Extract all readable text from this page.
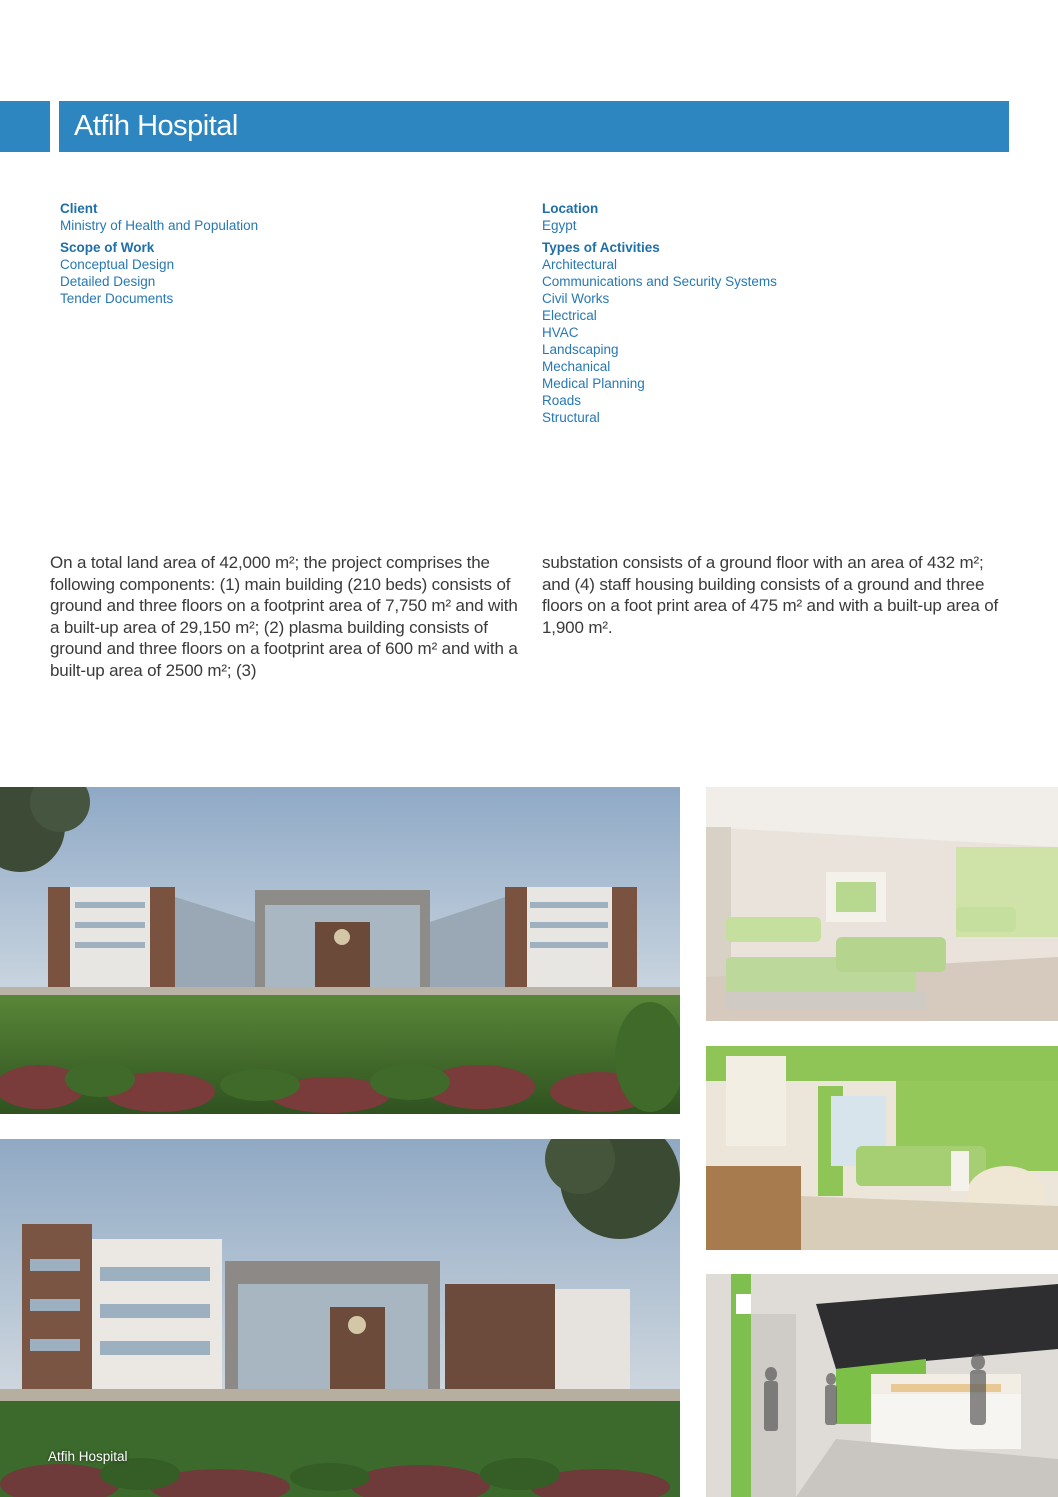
Atfih Hospital
Client
Ministry of Health and Population
Scope of Work
Conceptual Design
Detailed Design
Tender Documents
Location
Egypt
Types of Activities
Architectural
Communications and Security Systems
Civil Works
Electrical
HVAC
Landscaping
Mechanical
Medical Planning
Roads
Structural
On a total land area of 42,000 m²; the project comprises the following components: (1) main building (210 beds) consists of ground and three floors on a footprint area of 7,750 m² and with a built-up area of 29,150 m²; (2) plasma building consists of ground and three floors on a footprint area of 600 m² and with a built-up area of 2500 m²; (3)
substation consists of a ground floor with an area of 432 m²; and (4) staff housing building consists of a ground and three floors on a foot print area of 475 m² and with a built-up area of 1,900 m².
Atfih Hospital
